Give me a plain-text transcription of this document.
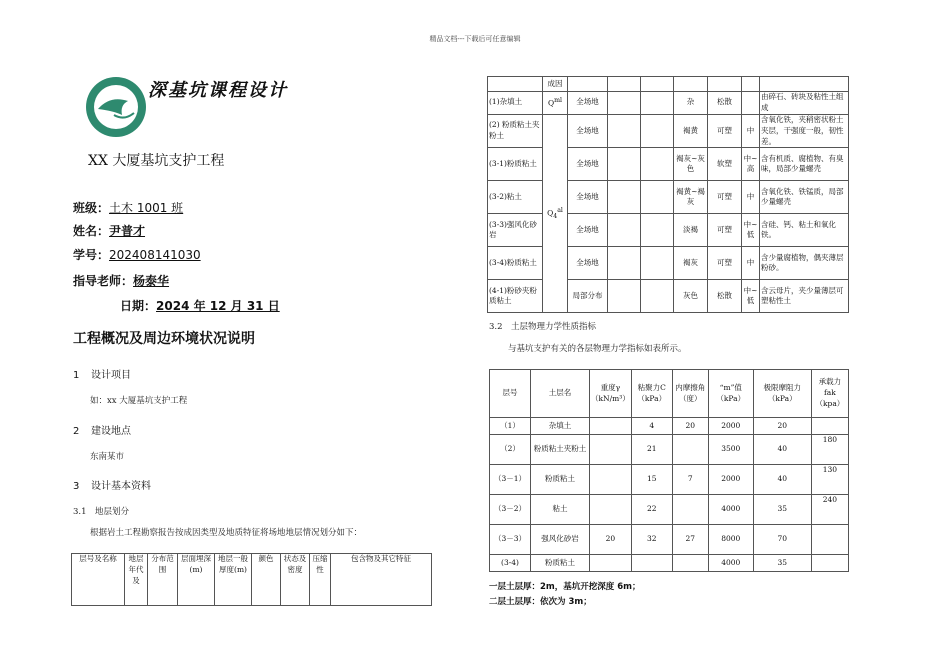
精品文档---下载后可任意编辑
深基坑课程设计
XX 大厦基坑支护工程
班级：土木 1001 班
姓名：尹普才
学号：202408141030
指导老师：杨泰华
日期：2024 年 12 月 31 日
工程概况及周边环境状况说明
1 设计项目
如：xx 大厦基坑支护工程
2 建设地点
东南某市
3 设计基本资料
3.1 地层划分
根据岩土工程勘察报告按成因类型及地质特征将场地地层情况划分如下：
层号及名称	地层年代及	分布范围	层面埋深(m)	地层一般厚度(m)	颜色	状态及密度	压缩性	包含物及其它特征
	成因							
(1)杂填土	$Q^{ml}$	全场地			杂	松散		由碎石、砖块及粘性土组成
(2) 粉质粘土夹粉土	$Q_4^{al}$	全场地			褐黄	可塑	中	含氧化铁，夹稍密状粉土夹层，干强度一般，韧性差。
(3-1)粉质粘土		全场地			褐灰~灰色	软塑	中~高	含有机质、腐植物、有臭味，局部少量螺壳
(3-2)粘土		全场地			褐黄~褐灰	可塑	中	含氧化铁、铁锰质，局部少量螺壳
(3-3)强风化砂岩		全场地			淡褐	可塑	中~低	含硅、钙、粘土和氧化铁。
(3-4)粉质粘土		全场地			褐灰	可塑	中	含少量腐植物，偶夹薄层粉砂。
(4-1)粉砂夹粉质粘土		局部分布			灰色	松散	中~低	含云母片，夹少量薄层可塑粘性土
3.2 土层物理力学性质指标
与基坑支护有关的各层物理力学指标如表所示。
层号	土层名	重度γ（kN/m³）	粘聚力C（kPa）	内摩擦角（度）	“m”值（kPa）	极限摩阻力（kPa）	承载力 fak（kpa）
（1）	杂填土		4	20	2000	20	
（2）	粉质粘土夹粉土		21		3500	40	180
（3－1）	粉质粘土		15	7	2000	40	130
（3－2）	粘土		22		4000	35	240
（3－3）	强风化砂岩	20	32	27	8000	70	
(3-4)	粉质粘土				4000	35	
一层土层厚：2m，基坑开挖深度 6m；
二层土层厚：依次为 3m；
